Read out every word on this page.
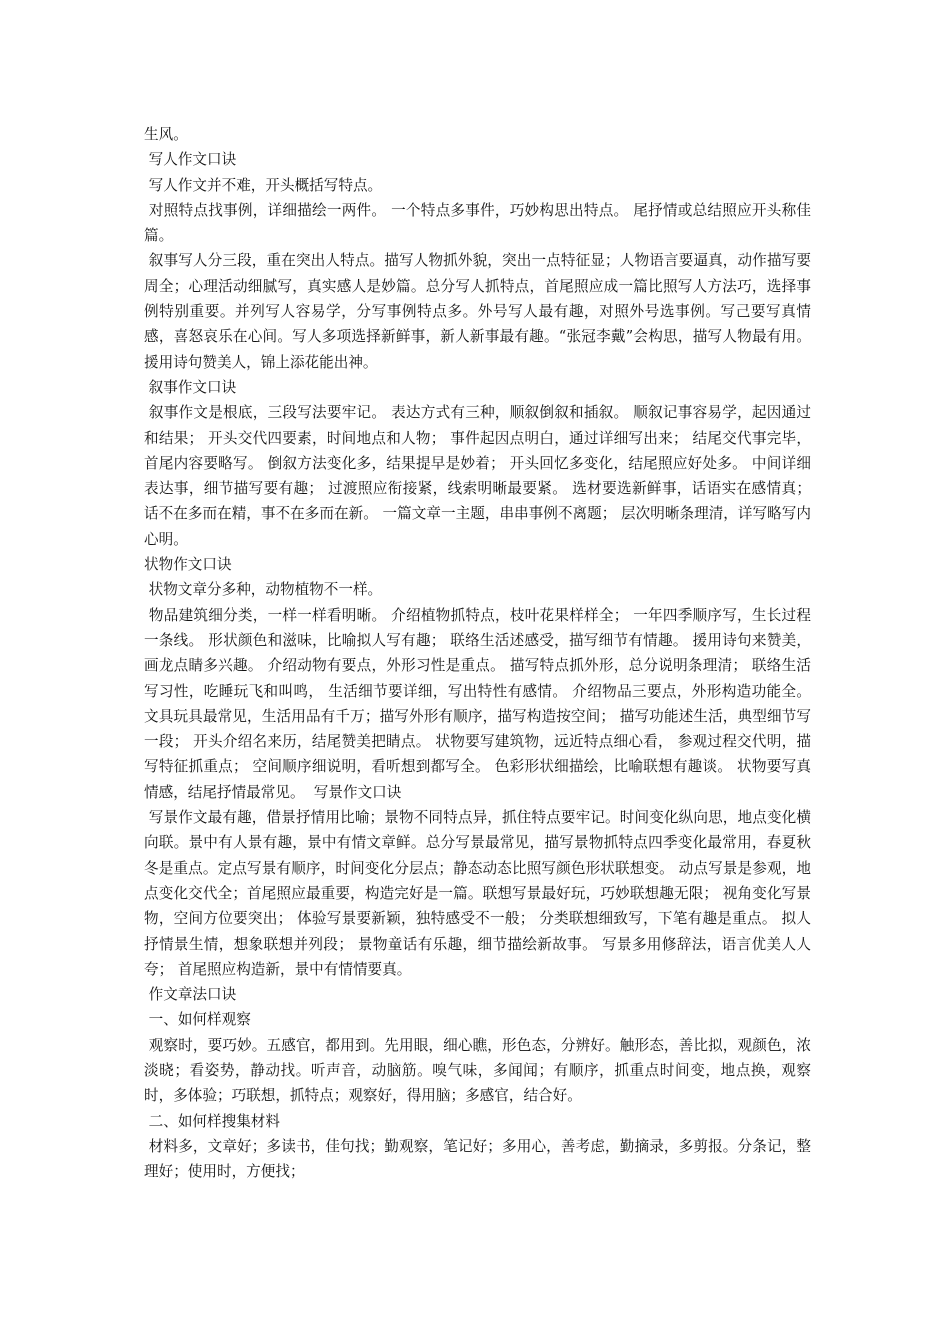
生风。

写人作文口诀

写人作文并不难，开头概括写特点。

对照特点找事例，详细描绘一两件。 一个特点多事件，巧妙构思出特点。 尾抒情或总结照应开头称佳篇。

叙事写人分三段，重在突出人特点。描写人物抓外貌，突出一点特征显；人物语言要逼真，动作描写要周全；心理活动细腻写，真实感人是妙篇。总分写人抓特点，首尾照应成一篇比照写人方法巧，选择事例特别重要。并列写人容易学，分写事例特点多。外号写人最有趣，对照外号选事例。写己要写真情感，喜怒哀乐在心间。写人多项选择新鲜事，新人新事最有趣。“张冠李戴”会构思，描写人物最有用。援用诗句赞美人，锦上添花能出神。

叙事作文口诀

叙事作文是根底，三段写法要牢记。 表达方式有三种，顺叙倒叙和插叙。 顺叙记事容易学，起因通过和结果； 开头交代四要素，时间地点和人物； 事件起因点明白，通过详细写出来； 结尾交代事完毕，首尾内容要略写。 倒叙方法变化多，结果提早是妙着； 开头回忆多变化，结尾照应好处多。 中间详细表达事，细节描写要有趣； 过渡照应衔接紧，线索明晰最要紧。 选材要选新鲜事，话语实在感情真； 话不在多而在精，事不在多而在新。 一篇文章一主题，串串事例不离题； 层次明晰条理清，详写略写内心明。

状物作文口诀

状物文章分多种，动物植物不一样。

物品建筑细分类，一样一样看明晰。 介绍植物抓特点，枝叶花果样样全； 一年四季顺序写，生长过程一条线。 形状颜色和滋味，比喻拟人写有趣； 联络生活述感受，描写细节有情趣。 援用诗句来赞美，画龙点睛多兴趣。 介绍动物有要点，外形习性是重点。 描写特点抓外形，总分说明条理清； 联络生活写习性，吃睡玩飞和叫鸣， 生活细节要详细，写出特性有感情。 介绍物品三要点，外形构造功能全。 文具玩具最常见，生活用品有千万；描写外形有顺序，描写构造按空间； 描写功能述生活，典型细节写一段； 开头介绍名来历，结尾赞美把睛点。 状物要写建筑物，远近特点细心看， 参观过程交代明，描写特征抓重点； 空间顺序细说明，看听想到都写全。 色彩形状细描绘，比喻联想有趣谈。 状物要写真情感，结尾抒情最常见。  写景作文口诀

写景作文最有趣，借景抒情用比喻；景物不同特点异，抓住特点要牢记。时间变化纵向思，地点变化横向联。景中有人景有趣，景中有情文章鲜。总分写景最常见，描写景物抓特点四季变化最常用，春夏秋冬是重点。定点写景有顺序，时间变化分层点；静态动态比照写颜色形状联想变。 动点写景是参观，地点变化交代全；首尾照应最重要，构造完好是一篇。联想写景最好玩，巧妙联想趣无限； 视角变化写景物，空间方位要突出； 体验写景要新颖，独特感受不一般； 分类联想细致写，下笔有趣是重点。 拟人抒情景生情，想象联想并列段； 景物童话有乐趣，细节描绘新故事。 写景多用修辞法，语言优美人人夸； 首尾照应构造新，景中有情情要真。

作文章法口诀

一、如何样观察

观察时，要巧妙。五感官，都用到。先用眼，细心瞧，形色态，分辨好。触形态，善比拟，观颜色，浓淡晓；看姿势，静动找。听声音，动脑筋。嗅气味，多闻闻；有顺序，抓重点时间变，地点换，观察时，多体验；巧联想，抓特点；观察好，得用脑；多感官，结合好。

二、如何样搜集材料

材料多，文章好；多读书，佳句找；勤观察，笔记好；多用心，善考虑，勤摘录，多剪报。分条记，整理好；使用时，方便找；
